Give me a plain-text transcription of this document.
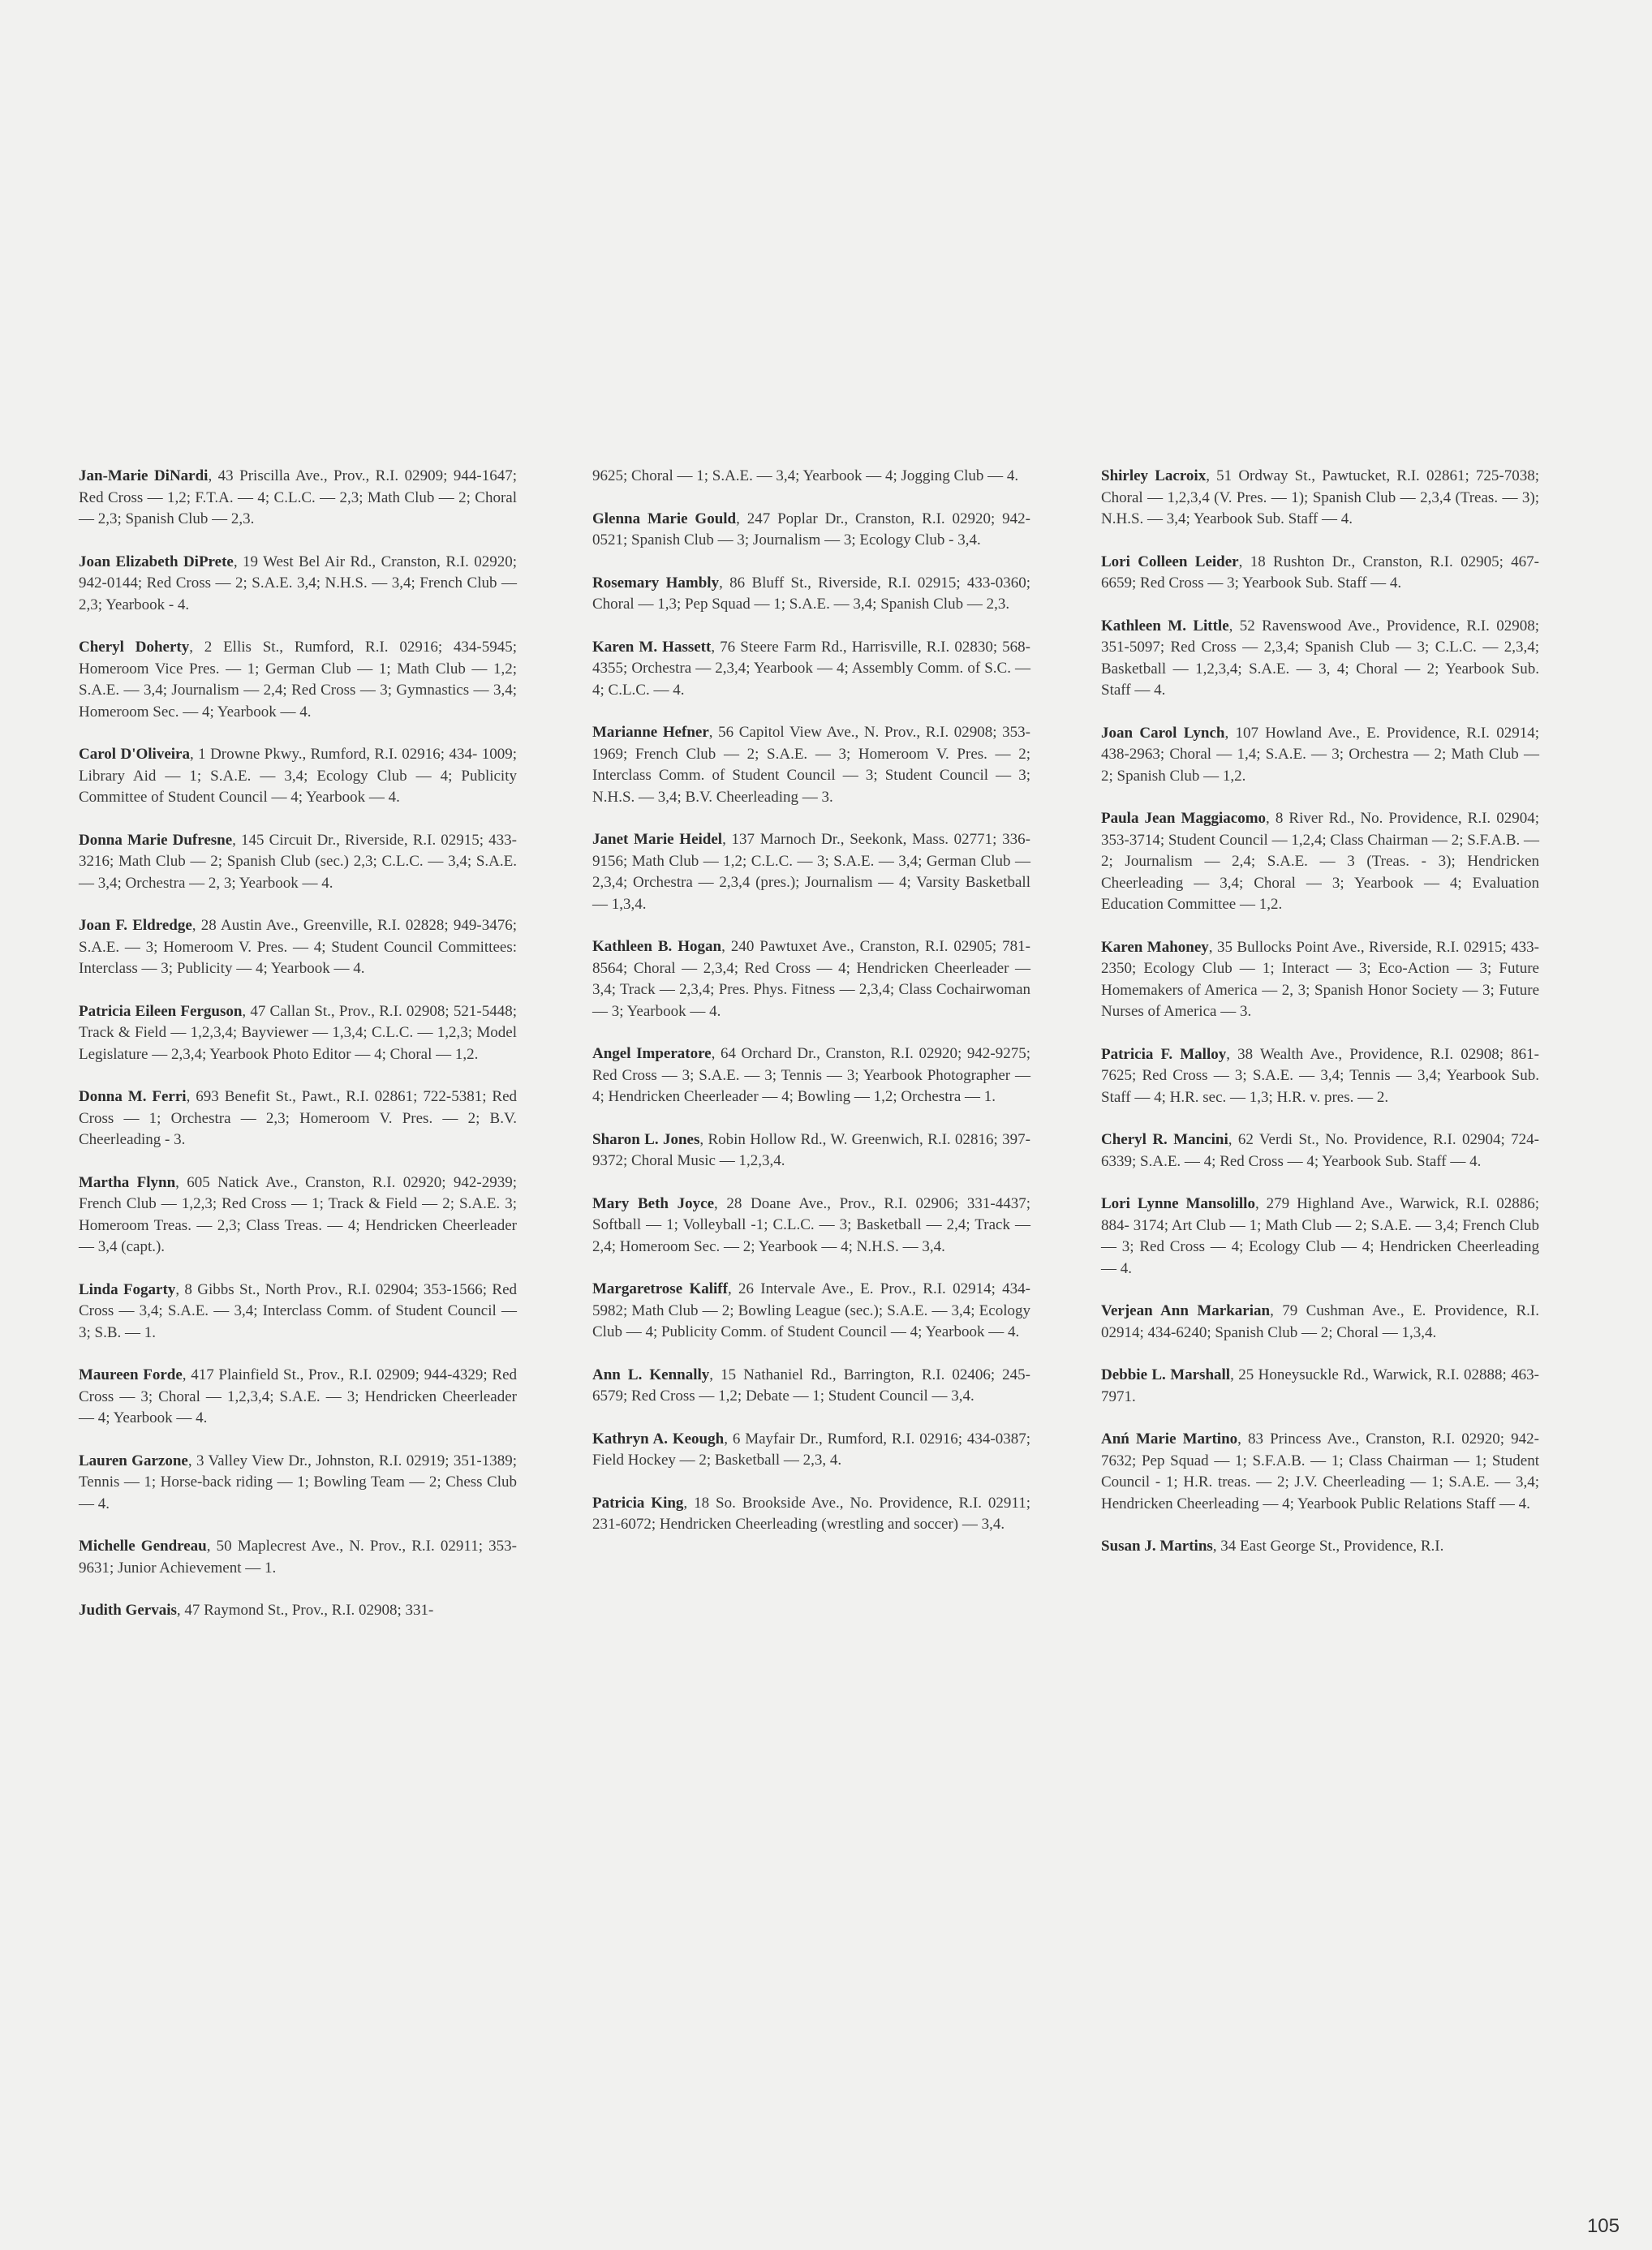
Jan-Marie DiNardi, 43 Priscilla Ave., Prov., R.I. 02909; 944-1647; Red Cross — 1,2; F.T.A. — 4; C.L.C. — 2,3; Math Club — 2; Choral — 2,3; Spanish Club — 2,3.

Joan Elizabeth DiPrete, 19 West Bel Air Rd., Cranston, R.I. 02920; 942-0144; Red Cross — 2; S.A.E. 3,4; N.H.S. — 3,4; French Club — 2,3; Yearbook - 4.

Cheryl Doherty, 2 Ellis St., Rumford, R.I. 02916; 434-5945; Homeroom Vice Pres. — 1; German Club — 1; Math Club — 1,2; S.A.E. — 3,4; Journalism — 2,4; Red Cross — 3; Gymnastics — 3,4; Homeroom Sec. — 4; Yearbook — 4.

Carol D'Oliveira, 1 Drowne Pkwy., Rumford, R.I. 02916; 434- 1009; Library Aid — 1; S.A.E. — 3,4; Ecology Club — 4; Publicity Committee of Student Council — 4; Yearbook — 4.

Donna Marie Dufresne, 145 Circuit Dr., Riverside, R.I. 02915; 433-3216; Math Club — 2; Spanish Club (sec.) 2,3; C.L.C. — 3,4; S.A.E. — 3,4; Orchestra — 2, 3; Yearbook — 4.

Joan F. Eldredge, 28 Austin Ave., Greenville, R.I. 02828; 949-3476; S.A.E. — 3; Homeroom V. Pres. — 4; Student Council Committees: Interclass — 3; Publicity — 4; Yearbook — 4.

Patricia Eileen Ferguson, 47 Callan St., Prov., R.I. 02908; 521-5448; Track & Field — 1,2,3,4; Bayviewer — 1,3,4; C.L.C. — 1,2,3; Model Legislature — 2,3,4; Yearbook Photo Editor — 4; Choral — 1,2.

Donna M. Ferri, 693 Benefit St., Pawt., R.I. 02861; 722-5381; Red Cross — 1; Orchestra — 2,3; Homeroom V. Pres. — 2; B.V. Cheerleading - 3.

Martha Flynn, 605 Natick Ave., Cranston, R.I. 02920; 942-2939; French Club — 1,2,3; Red Cross — 1; Track & Field — 2; S.A.E. 3; Homeroom Treas. — 2,3; Class Treas. — 4; Hendricken Cheerleader — 3,4 (capt.).

Linda Fogarty, 8 Gibbs St., North Prov., R.I. 02904; 353-1566; Red Cross — 3,4; S.A.E. — 3,4; Interclass Comm. of Student Council — 3; S.B. — 1.

Maureen Forde, 417 Plainfield St., Prov., R.I. 02909; 944-4329; Red Cross — 3; Choral — 1,2,3,4; S.A.E. — 3; Hendricken Cheerleader — 4; Yearbook — 4.

Lauren Garzone, 3 Valley View Dr., Johnston, R.I. 02919; 351-1389; Tennis — 1; Horse-back riding — 1; Bowling Team — 2; Chess Club — 4.

Michelle Gendreau, 50 Maplecrest Ave., N. Prov., R.I. 02911; 353-9631; Junior Achievement — 1.

Judith Gervais, 47 Raymond St., Prov., R.I. 02908; 331-

9625; Choral — 1; S.A.E. — 3,4; Yearbook — 4; Jogging Club — 4.

Glenna Marie Gould, 247 Poplar Dr., Cranston, R.I. 02920; 942-0521; Spanish Club — 3; Journalism — 3; Ecology Club - 3,4.

Rosemary Hambly, 86 Bluff St., Riverside, R.I. 02915; 433-0360; Choral — 1,3; Pep Squad — 1; S.A.E. — 3,4; Spanish Club — 2,3.

Karen M. Hassett, 76 Steere Farm Rd., Harrisville, R.I. 02830; 568-4355; Orchestra — 2,3,4; Yearbook — 4; Assembly Comm. of S.C. — 4; C.L.C. — 4.

Marianne Hefner, 56 Capitol View Ave., N. Prov., R.I. 02908; 353-1969; French Club — 2; S.A.E. — 3; Homeroom V. Pres. — 2; Interclass Comm. of Student Council — 3; Student Council — 3; N.H.S. — 3,4; B.V. Cheerleading — 3.

Janet Marie Heidel, 137 Marnoch Dr., Seekonk, Mass. 02771; 336-9156; Math Club — 1,2; C.L.C. — 3; S.A.E. — 3,4; German Club — 2,3,4; Orchestra — 2,3,4 (pres.); Journalism — 4; Varsity Basketball — 1,3,4.

Kathleen B. Hogan, 240 Pawtuxet Ave., Cranston, R.I. 02905; 781-8564; Choral — 2,3,4; Red Cross — 4; Hendricken Cheerleader — 3,4; Track — 2,3,4; Pres. Phys. Fitness — 2,3,4; Class Cochairwoman — 3; Yearbook — 4.

Angel Imperatore, 64 Orchard Dr., Cranston, R.I. 02920; 942-9275; Red Cross — 3; S.A.E. — 3; Tennis — 3; Yearbook Photographer — 4; Hendricken Cheerleader — 4; Bowling — 1,2; Orchestra — 1.

Sharon L. Jones, Robin Hollow Rd., W. Greenwich, R.I. 02816; 397-9372; Choral Music — 1,2,3,4.

Mary Beth Joyce, 28 Doane Ave., Prov., R.I. 02906; 331-4437; Softball — 1; Volleyball -1; C.L.C. — 3; Basketball — 2,4; Track — 2,4; Homeroom Sec. — 2; Yearbook — 4; N.H.S. — 3,4.

Margaretrose Kaliff, 26 Intervale Ave., E. Prov., R.I. 02914; 434-5982; Math Club — 2; Bowling League (sec.); S.A.E. — 3,4; Ecology Club — 4; Publicity Comm. of Student Council — 4; Yearbook — 4.

Ann L. Kennally, 15 Nathaniel Rd., Barrington, R.I. 02406; 245-6579; Red Cross — 1,2; Debate — 1; Student Council — 3,4.

Kathryn A. Keough, 6 Mayfair Dr., Rumford, R.I. 02916; 434-0387; Field Hockey — 2; Basketball — 2,3, 4.

Patricia King, 18 So. Brookside Ave., No. Providence, R.I. 02911; 231-6072; Hendricken Cheerleading (wrestling and soccer) — 3,4.

Shirley Lacroix, 51 Ordway St., Pawtucket, R.I. 02861; 725-7038; Choral — 1,2,3,4 (V. Pres. — 1); Spanish Club — 2,3,4 (Treas. — 3); N.H.S. — 3,4; Yearbook Sub. Staff — 4.

Lori Colleen Leider, 18 Rushton Dr., Cranston, R.I. 02905; 467-6659; Red Cross — 3; Yearbook Sub. Staff — 4.

Kathleen M. Little, 52 Ravenswood Ave., Providence, R.I. 02908; 351-5097; Red Cross — 2,3,4; Spanish Club — 3; C.L.C. — 2,3,4; Basketball — 1,2,3,4; S.A.E. — 3, 4; Choral — 2; Yearbook Sub. Staff — 4.

Joan Carol Lynch, 107 Howland Ave., E. Providence, R.I. 02914; 438-2963; Choral — 1,4; S.A.E. — 3; Orchestra — 2; Math Club — 2; Spanish Club — 1,2.

Paula Jean Maggiacomo, 8 River Rd., No. Providence, R.I. 02904; 353-3714; Student Council — 1,2,4; Class Chairman — 2; S.F.A.B. — 2; Journalism — 2,4; S.A.E. — 3 (Treas. - 3); Hendricken Cheerleading — 3,4; Choral — 3; Yearbook — 4; Evaluation Education Committee — 1,2.

Karen Mahoney, 35 Bullocks Point Ave., Riverside, R.I. 02915; 433-2350; Ecology Club — 1; Interact — 3; Eco-Action — 3; Future Homemakers of America — 2, 3; Spanish Honor Society — 3; Future Nurses of America — 3.

Patricia F. Malloy, 38 Wealth Ave., Providence, R.I. 02908; 861-7625; Red Cross — 3; S.A.E. — 3,4; Tennis — 3,4; Yearbook Sub. Staff — 4; H.R. sec. — 1,3; H.R. v. pres. — 2.

Cheryl R. Mancini, 62 Verdi St., No. Providence, R.I. 02904; 724-6339; S.A.E. — 4; Red Cross — 4; Yearbook Sub. Staff — 4.

Lori Lynne Mansolillo, 279 Highland Ave., Warwick, R.I. 02886; 884- 3174; Art Club — 1; Math Club — 2; S.A.E. — 3,4; French Club — 3; Red Cross — 4; Ecology Club — 4; Hendricken Cheerleading — 4.

Verjean Ann Markarian, 79 Cushman Ave., E. Providence, R.I. 02914; 434-6240; Spanish Club — 2; Choral — 1,3,4.

Debbie L. Marshall, 25 Honeysuckle Rd., Warwick, R.I. 02888; 463-7971.

Anń Marie Martino, 83 Princess Ave., Cranston, R.I. 02920; 942-7632; Pep Squad — 1; S.F.A.B. — 1; Class Chairman — 1; Student Council - 1; H.R. treas. — 2; J.V. Cheerleading — 1; S.A.E. — 3,4; Hendricken Cheerleading — 4; Yearbook Public Relations Staff — 4.

Susan J. Martins, 34 East George St., Providence, R.I.

105
